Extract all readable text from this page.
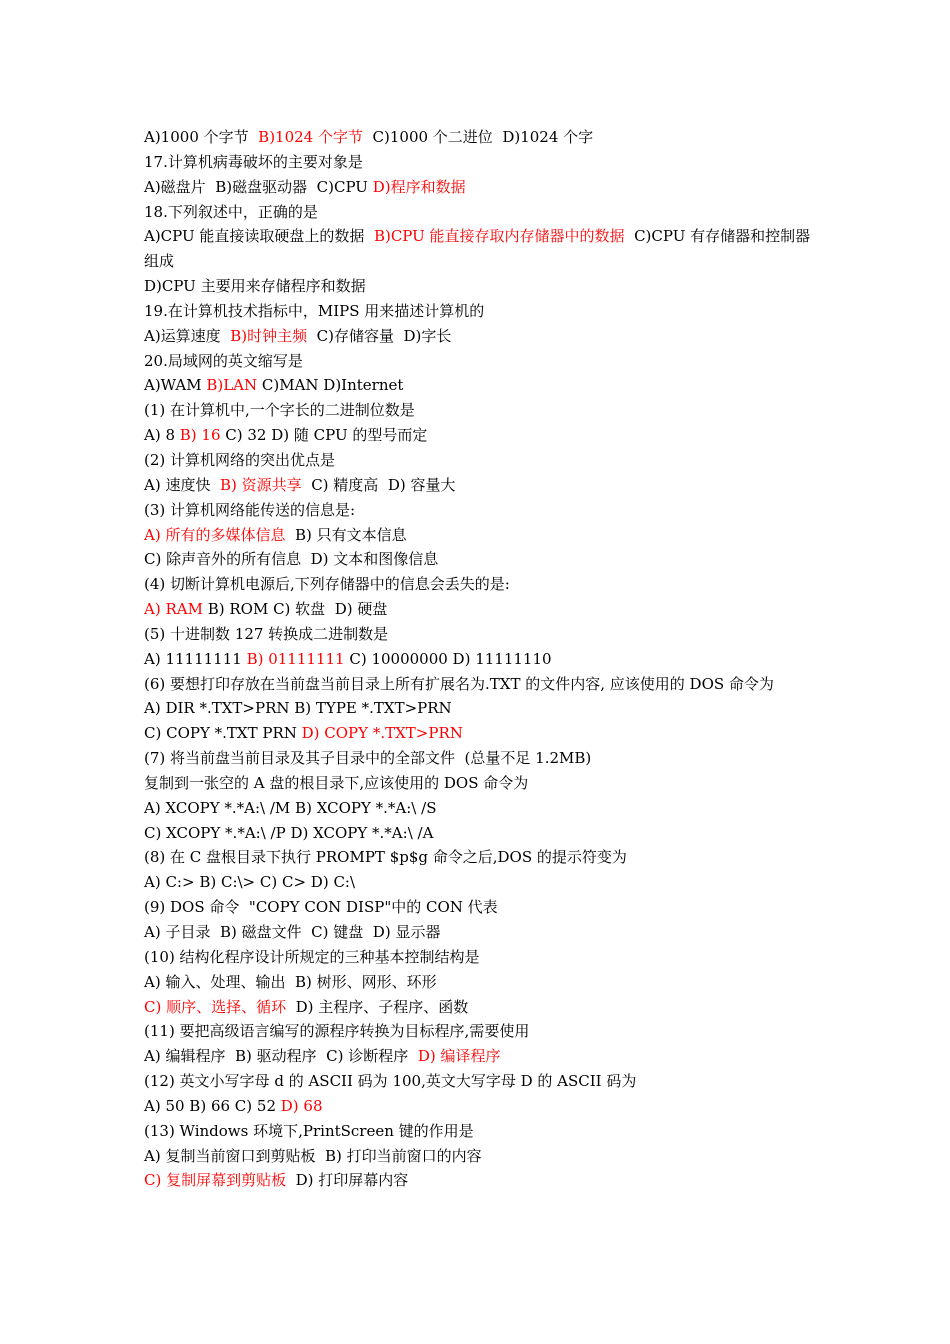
A)1000 个字节  B)1024 个字节  C)1000 个二进位  D)1024 个字
17.计算机病毒破坏的主要对象是
A)磁盘片  B)磁盘驱动器  C)CPU D)程序和数据
18.下列叙述中，正确的是
A)CPU 能直接读取硬盘上的数据  B)CPU 能直接存取内存储器中的数据  C)CPU 有存储器和控制器组成
D)CPU 主要用来存储程序和数据
19.在计算机技术指标中，MIPS 用来描述计算机的
A)运算速度  B)时钟主频  C)存储容量  D)字长
20.局域网的英文缩写是
A)WAM B)LAN C)MAN D)Internet
(1) 在计算机中,一个字长的二进制位数是
A) 8 B) 16 C) 32 D) 随 CPU 的型号而定
(2) 计算机网络的突出优点是
A) 速度快  B) 资源共享  C) 精度高  D) 容量大
(3) 计算机网络能传送的信息是:
A) 所有的多媒体信息  B) 只有文本信息
C) 除声音外的所有信息  D) 文本和图像信息
(4) 切断计算机电源后,下列存储器中的信息会丢失的是:
A) RAM B) ROM C) 软盘  D) 硬盘
(5) 十进制数 127 转换成二进制数是
A) 11111111 B) 01111111 C) 10000000 D) 11111110
(6) 要想打印存放在当前盘当前目录上所有扩展名为.TXT 的文件内容, 应该使用的 DOS 命令为
A) DIR *.TXT>PRN B) TYPE *.TXT>PRN
C) COPY *.TXT PRN D) COPY *.TXT>PRN
(7) 将当前盘当前目录及其子目录中的全部文件  (总量不足 1.2MB)
复制到一张空的 A 盘的根目录下,应该使用的 DOS 命令为
A) XCOPY *.*A:\ /M B) XCOPY *.*A:\ /S
C) XCOPY *.*A:\ /P D) XCOPY *.*A:\ /A
(8) 在 C 盘根目录下执行 PROMPT $p$g 命令之后,DOS 的提示符变为
A) C:> B) C:\> C) C> D) C:\
(9) DOS 命令  "COPY CON DISP"中的 CON 代表
A) 子目录  B) 磁盘文件  C) 键盘  D) 显示器
(10) 结构化程序设计所规定的三种基本控制结构是
A) 输入、处理、输出  B) 树形、网形、环形
C) 顺序、选择、循环  D) 主程序、子程序、函数
(11) 要把高级语言编写的源程序转换为目标程序,需要使用
A) 编辑程序  B) 驱动程序  C) 诊断程序  D) 编译程序
(12) 英文小写字母 d 的 ASCII 码为 100,英文大写字母 D 的 ASCII 码为
A) 50 B) 66 C) 52 D) 68
(13) Windows 环境下,PrintScreen 键的作用是
A) 复制当前窗口到剪贴板  B) 打印当前窗口的内容
C) 复制屏幕到剪贴板  D) 打印屏幕内容
